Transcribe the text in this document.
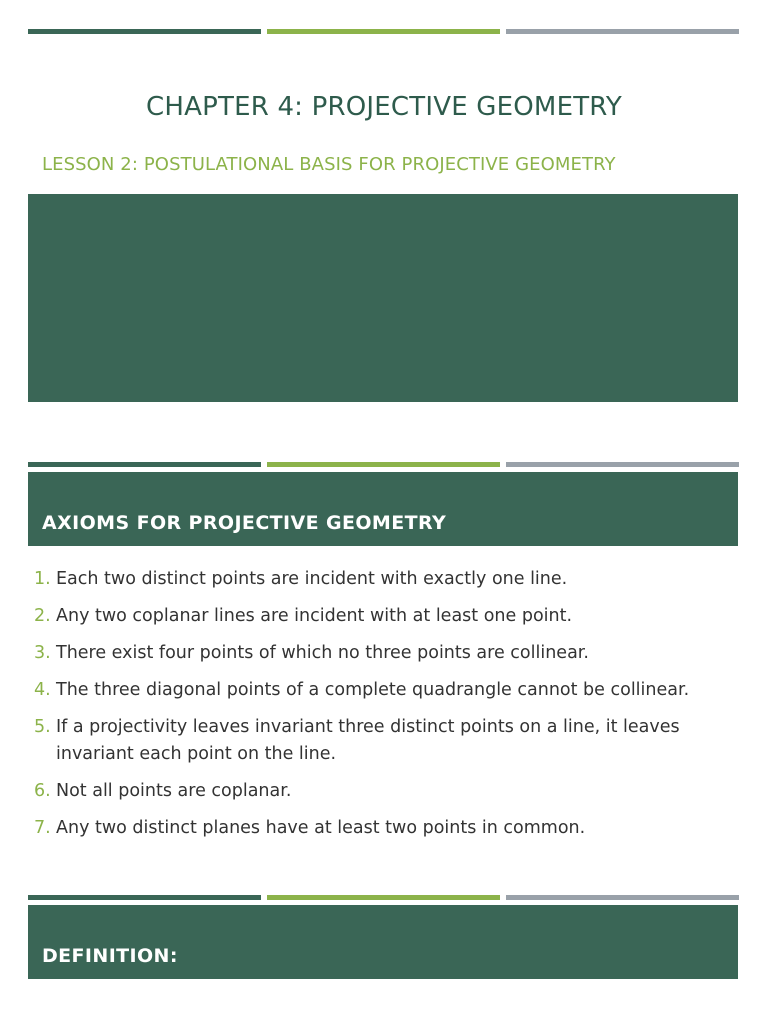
CHAPTER 4: PROJECTIVE GEOMETRY
LESSON 2: POSTULATIONAL BASIS FOR PROJECTIVE GEOMETRY
AXIOMS FOR PROJECTIVE GEOMETRY
1. Each two distinct points are incident with exactly one line.
2. Any two coplanar lines are incident with at least one point.
3. There exist four points of which no three points are collinear.
4. The three diagonal points of a complete quadrangle cannot be collinear.
5. If a projectivity leaves invariant three distinct points on a line, it leaves invariant each point on the line.
6. Not all points are coplanar.
7. Any two distinct planes have at least two points in common.
DEFINITION:
